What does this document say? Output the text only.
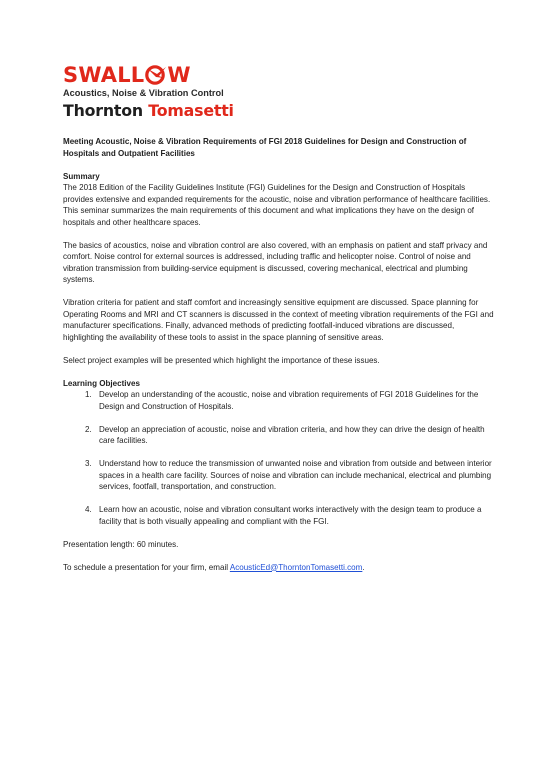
SWALL W
Acoustics, Noise & Vibration Control
Thornton Tomasetti

Meeting Acoustic, Noise & Vibration Requirements of FGI 2018 Guidelines for Design and Construction of Hospitals and Outpatient Facilities

Summary

The 2018 Edition of the Facility Guidelines Institute (FGI) Guidelines for the Design and Construction of Hospitals provides extensive and expanded requirements for the acoustic, noise and vibration performance of healthcare facilities. This seminar summarizes the main requirements of this document and what implications they have on the design of hospitals and other healthcare spaces.

The basics of acoustics, noise and vibration control are also covered, with an emphasis on patient and staff privacy and comfort. Noise control for external sources is addressed, including traffic and helicopter noise. Control of noise and vibration transmission from building-service equipment is discussed, covering mechanical, electrical and plumbing systems.

Vibration criteria for patient and staff comfort and increasingly sensitive equipment are discussed. Space planning for Operating Rooms and MRI and CT scanners is discussed in the context of meeting vibration requirements of the FGI and manufacturer specifications. Finally, advanced methods of predicting footfall-induced vibrations are discussed, highlighting the availability of these tools to assist in the space planning of sensitive areas.

Select project examples will be presented which highlight the importance of these issues.

Learning Objectives

1. Develop an understanding of the acoustic, noise and vibration requirements of FGI 2018 Guidelines for the Design and Construction of Hospitals.
2. Develop an appreciation of acoustic, noise and vibration criteria, and how they can drive the design of health care facilities.
3. Understand how to reduce the transmission of unwanted noise and vibration from outside and between interior spaces in a health care facility. Sources of noise and vibration can include mechanical, electrical and plumbing services, footfall, transportation, and construction.
4. Learn how an acoustic, noise and vibration consultant works interactively with the design team to produce a facility that is both visually appealing and compliant with the FGI.

Presentation length: 60 minutes.

To schedule a presentation for your firm, email AcousticEd@ThorntonTomasetti.com.
